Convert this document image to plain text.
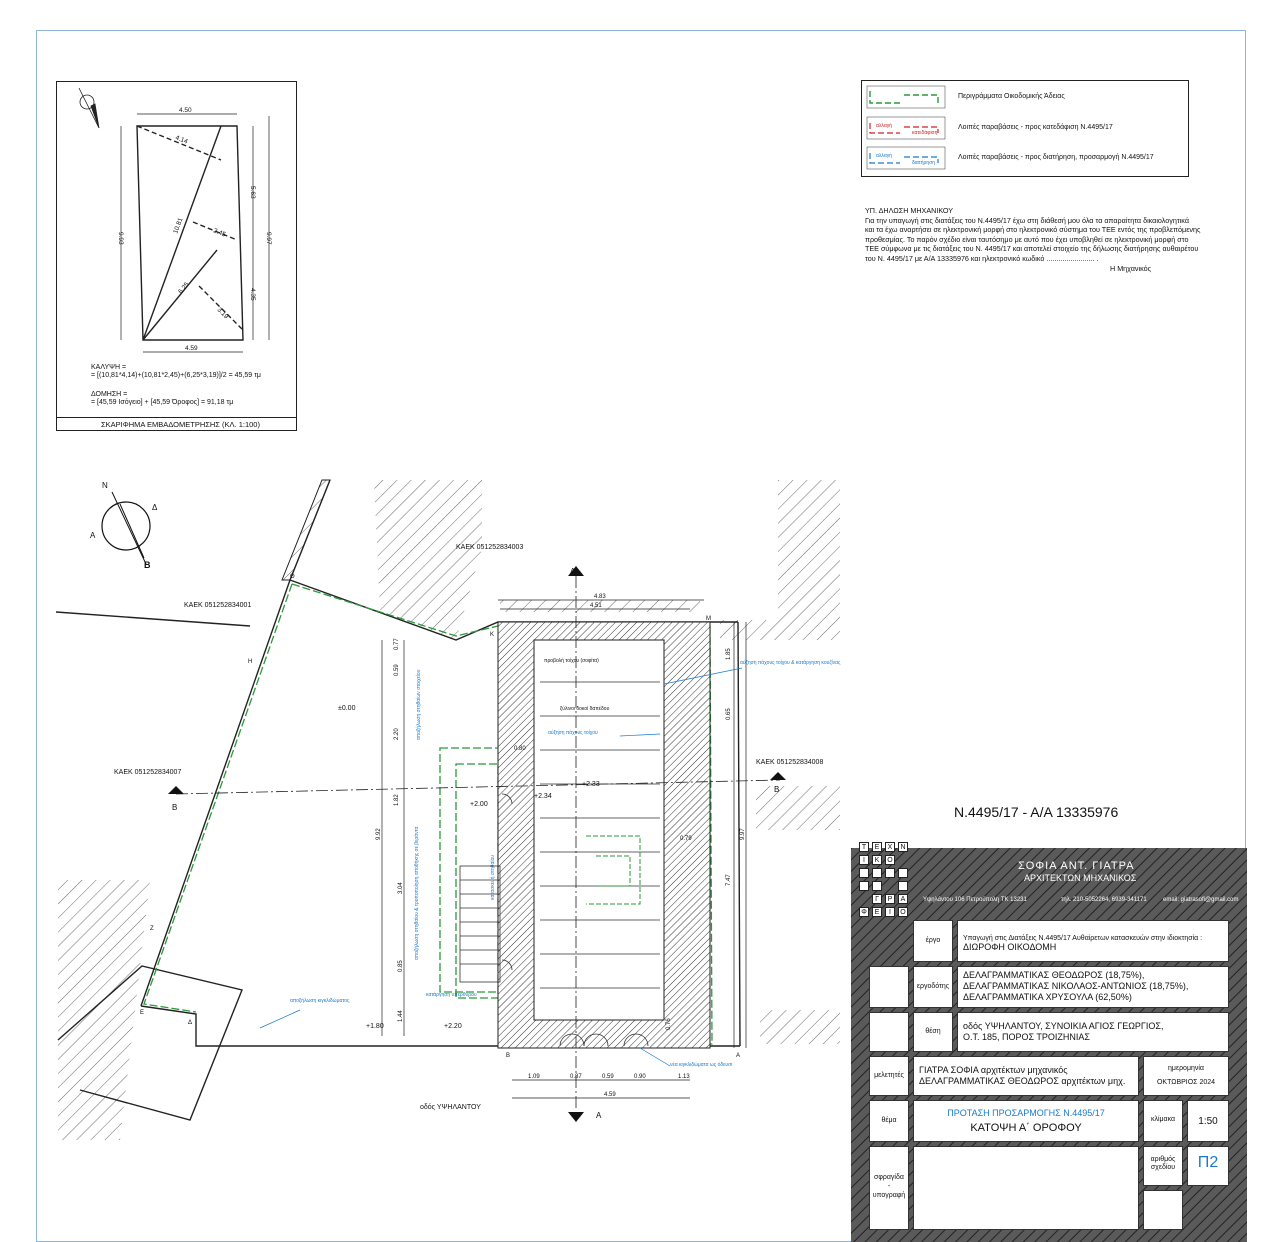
4.50
4.14
5.63
9.97
9.93
10.81	2.45
4.35
6.25
3.19
4.59
ΚΑΛΥΨΗ =
= [(10,81*4,14)+(10,81*2,45)+(6,25*3,19)]/2 = 45,59 τμ
ΔΟΜΗΣΗ =
= [45,59 Ισόγειο] + [45,59 Όροφος] = 91,18 τμ
ΣΚΑΡΙΦΗΜΑ ΕΜΒΑΔΟΜΕΤΡΗΣΗΣ (ΚΛ. 1:100)
Περιγράμματα Οικοδομικής Άδειας
Λοιπές παραβάσεις - προς κατεδάφιση Ν.4495/17
Λοιπές παραβάσεις - προς διατήρηση, προσαρμογή Ν.4495/17
αλλαγή
κατεδάφιση
αλλαγή
διατήρηση
ΥΠ. ΔΗΛΩΣΗ ΜΗΧΑΝΙΚΟΥ
Για την υπαγωγή στις διατάξεις του Ν.4495/17 έχω στη διάθεσή μου όλα τα απαραίτητα δικαιολογητικά
και τα έχω αναρτήσει σε ηλεκτρονική μορφή στο ηλεκτρονικό σύστημα του ΤΕΕ εντός της προβλεπόμενης
προθεσμίας. Το παρόν σχέδιο είναι ταυτόσημο με αυτό που έχει υποβληθεί σε ηλεκτρονική μορφή στο
ΤΕΕ σύμφωνα με τις διατάξεις του Ν. 4495/17 και αποτελεί στοιχείο της δήλωσης διατήρησης αυθαιρέτου
του Ν. 4495/17 με Α/Α 13335976 και ηλεκτρονικό κωδικό ........................ .
Η Μηχανικός
Ν
Δ
Α
Β
ΚΑΕΚ 051252834003
ΚΑΕΚ 051252834001
ΚΑΕΚ 051252834007
ΚΑΕΚ 051252834008
οδός ΥΨΗΛΑΝΤΟΥ
±0.00
+2.00
+2.34
+2.33
+1.80	+2.20
Θ
Η
Ε
Δ
Κ
Μ
Β	Α
Ζ
4.83
4.51
1.09	0.87	0.59	0.90	1.13
4.59
9.92
0.77
0.59
2.20
1.82
3.04
0.85
1.44
1.85
0.65
7.47
9.97
0.80
0.79
0.76
Α
Α
Β
Β
προβολή τοίχου (σοφίτα)
ξύλινοι δοκοί δαπέδου
αύξηση πάχους τοίχου
αύξηση πάχους τοίχου & κατάργηση κουζίνας
κατάργηση υπέρθυρου
αποξήλωση κιγκλιδώματος
νέα κιγκλιδώματα ως όδευσι
αποξήλωση στηθαίου & τροποποίηση αποθήκης σε βεράντα	κατασκευή στηθαίου
αποξήλωση στηθαίων στοιχείου
Ν.4495/17 - Α/Α 13335976
Τ	Ε	Χ	Ν
Ι	Κ	Ο
Γ	Ρ	Α
Φ	Ε	Ι	Ο
ΣΟΦΙΑ ΑΝΤ. ΓΙΑΤΡΑ
ΑΡΧΙΤΕΚΤΩΝ ΜΗΧΑΝΙΚΟΣ
Υψηλάντου 106 Πετρούπολη ΤΚ 13231	τηλ. 210-5052264, 6939-341171	email: giatrasofi@gmail.com
έργο	Υπαγωγή στις Διατάξεις Ν.4495/17 Αυθαίρετων κατασκευών στην ιδιοκτησία :
ΔΙΩΡΟΦΗ ΟΙΚΟΔΟΜΗ
εργοδότης
ΔΕΛΑΓΡΑΜΜΑΤΙΚΑΣ ΘΕΟΔΩΡΟΣ (18,75%),
ΔΕΛΑΓΡΑΜΜΑΤΙΚΑΣ ΝΙΚΟΛΑΟΣ-ΑΝΤΩΝΙΟΣ (18,75%),
ΔΕΛΑΓΡΑΜΜΑΤΙΚΑ ΧΡΥΣΟΥΛΑ (62,50%)
θέση
οδός ΥΨΗΛΑΝΤΟΥ, ΣΥΝΟΙΚΙΑ ΑΓΙΟΣ ΓΕΩΡΓΙΟΣ,
Ο.Τ. 185, ΠΟΡΟΣ ΤΡΟΙΖΗΝΙΑΣ
μελετητές
ΓΙΑΤΡΑ ΣΟΦΙΑ αρχιτέκτων μηχανικός
ΔΕΛΑΓΡΑΜΜΑΤΙΚΑΣ ΘΕΟΔΩΡΟΣ αρχιτέκτων μηχ.
ημερομηνία
ΟΚΤΩΒΡΙΟΣ 2024
θέμα
ΠΡΟΤΑΣΗ ΠΡΟΣΑΡΜΟΓΗΣ Ν.4495/17
ΚΑΤΟΨΗ Α΄ ΟΡΟΦΟΥ
κλίμακα	1:50
σφραγίδα
-
υπογραφή
αριθμός
σχεδίου	Π2
